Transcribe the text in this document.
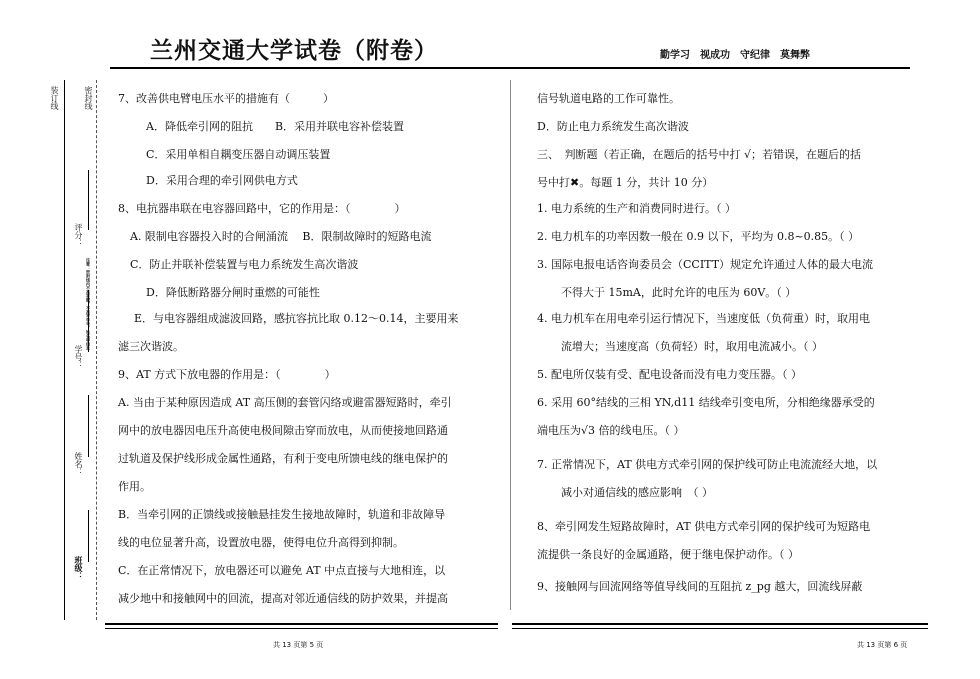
兰州交通大学试卷（附卷）	勤学习　视成功　守纪律　莫舞弊
装订线	密封线
评分：
学号：
注意：密封线内不准答题，不准写学号、姓名等信息
姓名：
班级：
7、改善供电臂电压水平的措施有（　　　）
A．降低牵引网的阻抗　　B．采用并联电容补偿装置
C．采用单相自耦变压器自动调压装置
D．采用合理的牵引网供电方式
8、电抗器串联在电容器回路中，它的作用是：（　　　　）
A. 限制电容器投入时的合闸涌流　 B．限制故障时的短路电流
C．防止并联补偿装置与电力系统发生高次谐波
D．降低断路器分闸时重燃的可能性
E．与电容器组成滤波回路，感抗容抗比取 0.12～0.14，主要用来
滤三次谐波。
9、AT 方式下放电器的作用是：（　　　　）
A. 当由于某种原因造成 AT 高压侧的套管闪络或避雷器短路时，牵引
网中的放电器因电压升高使电极间隙击穿而放电，从而使接地回路通
过轨道及保护线形成金属性通路，有利于变电所馈电线的继电保护的
作用。
B．当牵引网的正馈线或接触悬挂发生接地故障时，轨道和非故障导
线的电位显著升高，设置放电器，使得电位升高得到抑制。
C．在正常情况下，放电器还可以避免 AT 中点直接与大地相连，以
减少地中和接触网中的回流，提高对邻近通信线的防护效果，并提高
信号轨道电路的工作可靠性。
D．防止电力系统发生高次谐波
三、　判断题（若正确，在题后的括号中打 √；若错误，在题后的括
号中打✖。每题 1 分，共计 10 分）
1. 电力系统的生产和消费同时进行。（ ）
2. 电力机车的功率因数一般在 0.9 以下，平均为 0.8~0.85。（ ）
3. 国际电报电话咨询委员会（CCITT）规定允许通过人体的最大电流
不得大于 15mA，此时允许的电压为 60V。（ ）
4. 电力机车在用电牵引运行情况下，当速度低（负荷重）时，取用电
流增大；当速度高（负荷轻）时，取用电流减小。（ ）
5. 配电所仅装有受、配电设备而没有电力变压器。（ ）
6. 采用 60°结线的三相 YN,d11 结线牵引变电所，分相绝缘器承受的
端电压为√3 倍的线电压。（ ）
7. 正常情况下，AT 供电方式牵引网的保护线可防止电流流经大地，以
减小对通信线的感应影响　（ ）
8、牵引网发生短路故障时，AT 供电方式牵引网的保护线可为短路电
流提供一条良好的金属通路，便于继电保护动作。（ ）
9、接触网与回流网络等值导线间的互阻抗 z_pg 越大，回流线屏蔽
共 13 页第 5 页	共 13 页第 6 页
